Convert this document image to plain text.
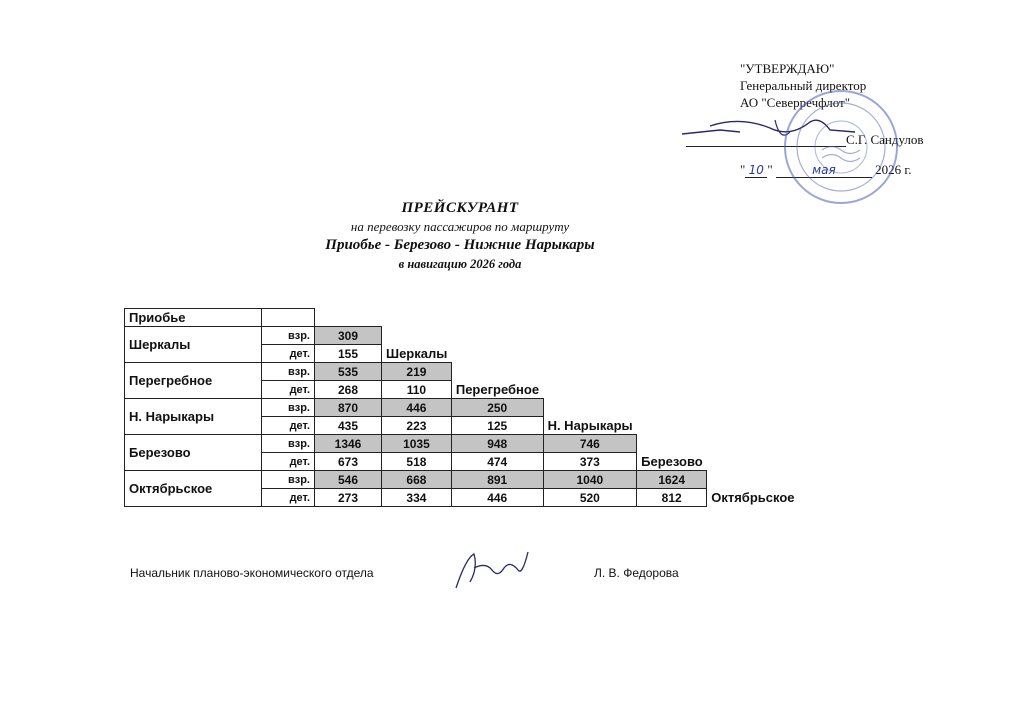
"УТВЕРЖДАЮ"
Генеральный директор
АО "Северречфлот"
С.Г. Сандулов
" 10 "	мая	2026 г.
ПРЕЙСКУРАНТ
на перевозку пассажиров по маршруту
Приобье - Березово - Нижние Нарыкары
в навигацию 2026 года
Приобье							
Шеркалы	взр.	309					
	дет.	155	Шеркалы				
Перегребное	взр.	535	219				
	дет.	268	110	Перегребное			
Н. Нарыкары	взр.	870	446	250			
	дет.	435	223	125	Н. Нарыкары		
Березово	взр.	1346	1035	948	746		
	дет.	673	518	474	373	Березово	
Октябрьское	взр.	546	668	891	1040	1624	
	дет.	273	334	446	520	812	Октябрьское
Начальник планово-экономического отдела	Л. В. Федорова
